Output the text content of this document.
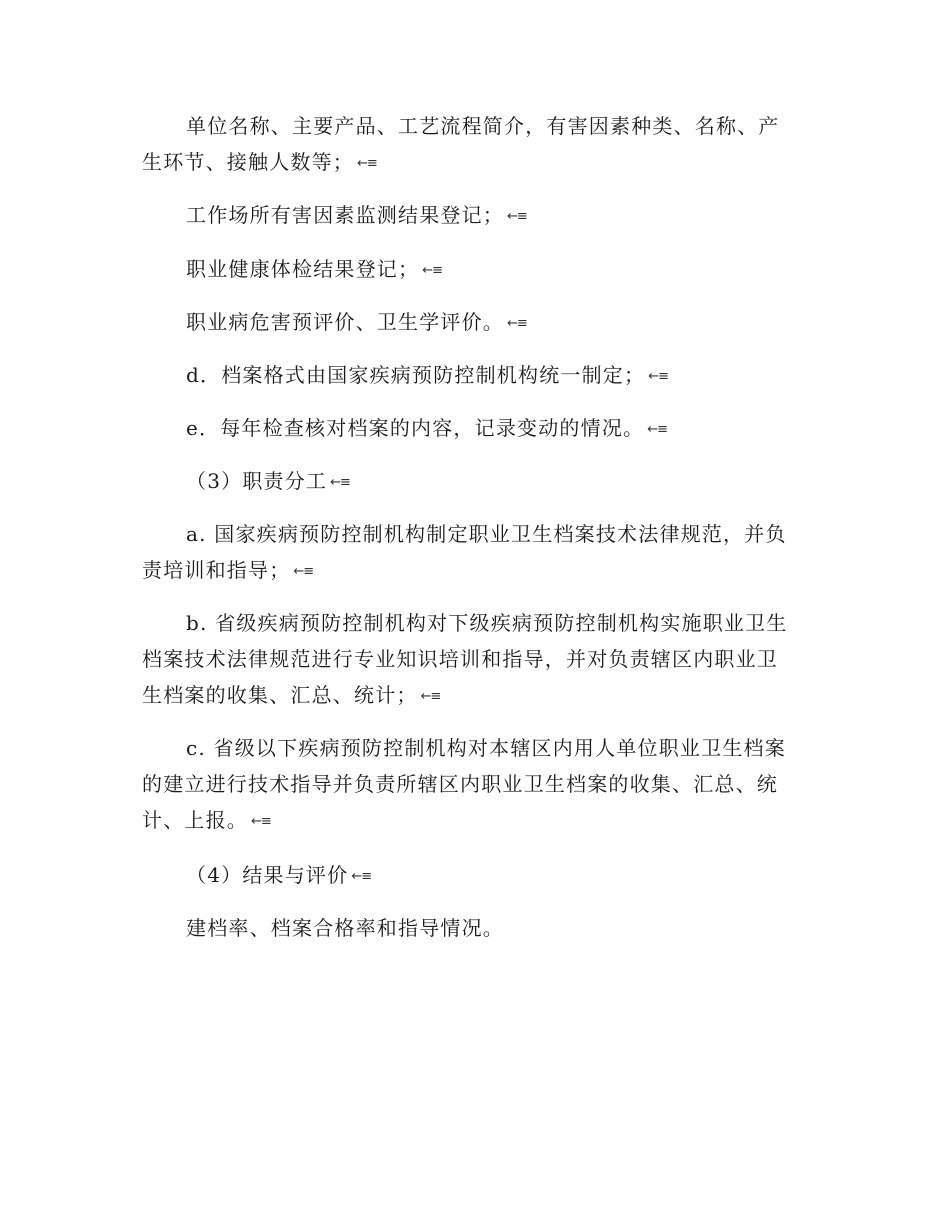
单位名称、主要产品、工艺流程简介，有害因素种类、名称、产生环节、接触人数等；←≡

工作场所有害因素监测结果登记；←≡

职业健康体检结果登记；←≡

职业病危害预评价、卫生学评价。←≡

d．档案格式由国家疾病预防控制机构统一制定；←≡

e．每年检查核对档案的内容，记录变动的情况。←≡

（3）职责分工←≡

a. 国家疾病预防控制机构制定职业卫生档案技术法律规范，并负责培训和指导；←≡

b. 省级疾病预防控制机构对下级疾病预防控制机构实施职业卫生档案技术法律规范进行专业知识培训和指导，并对负责辖区内职业卫生档案的收集、汇总、统计；←≡

c. 省级以下疾病预防控制机构对本辖区内用人单位职业卫生档案的建立进行技术指导并负责所辖区内职业卫生档案的收集、汇总、统计、上报。←≡

（4）结果与评价←≡

建档率、档案合格率和指导情况。
